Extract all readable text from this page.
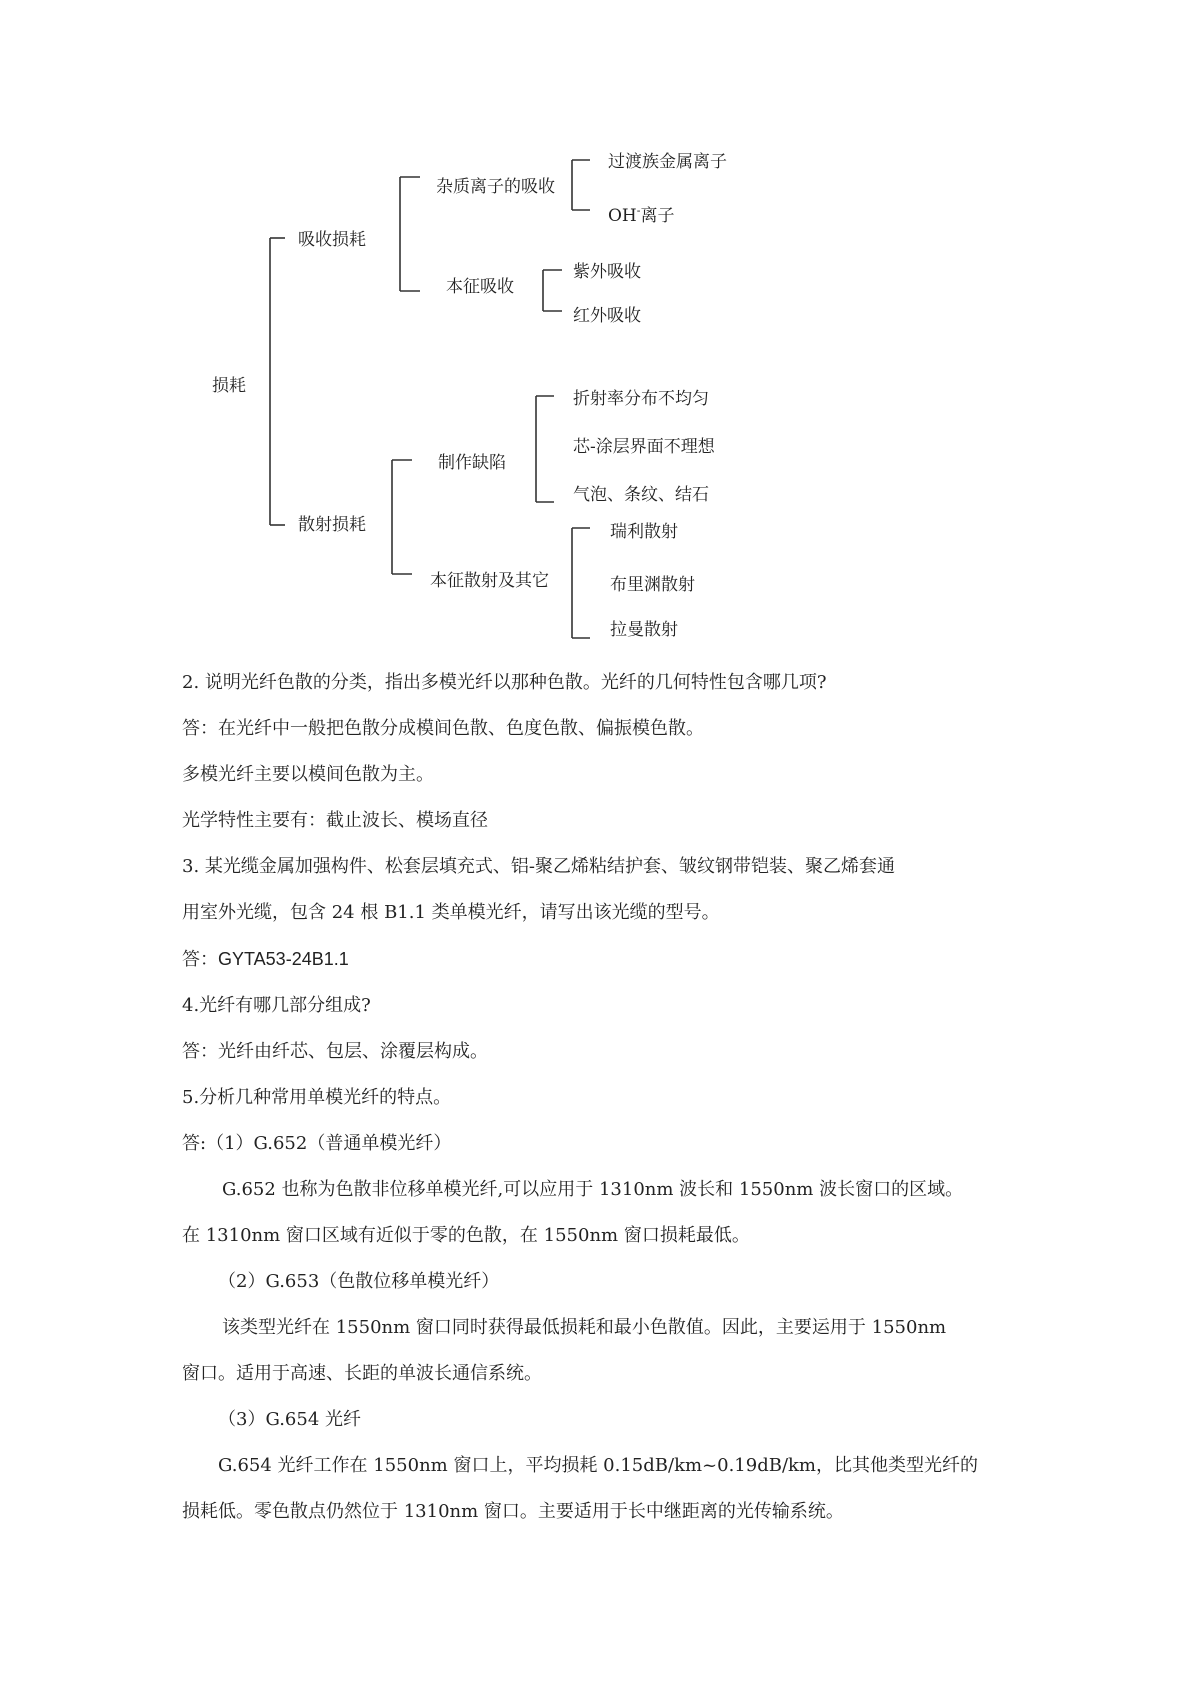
损耗
吸收损耗
杂质离子的吸收
过渡族金属离子
OH-离子
本征吸收
紫外吸收
红外吸收
散射损耗
制作缺陷
折射率分布不均匀
芯-涂层界面不理想
气泡、条纹、结石
本征散射及其它
瑞利散射
布里渊散射
拉曼散射

2. 说明光纤色散的分类，指出多模光纤以那种色散。光纤的几何特性包含哪几项?

答：在光纤中一般把色散分成模间色散、色度色散、偏振模色散。

多模光纤主要以模间色散为主。

光学特性主要有：截止波长、模场直径

3. 某光缆金属加强构件、松套层填充式、铝-聚乙烯粘结护套、皱纹钢带铠装、聚乙烯套通

用室外光缆，包含 24 根 B1.1 类单模光纤，请写出该光缆的型号。

答：GYTA53-24B1.1

4.光纤有哪几部分组成?

答：光纤由纤芯、包层、涂覆层构成。

5.分析几种常用单模光纤的特点。

答:（1）G.652（普通单模光纤）

G.652 也称为色散非位移单模光纤,可以应用于 1310nm 波长和 1550nm 波长窗口的区域。

在 1310nm 窗口区域有近似于零的色散，在 1550nm 窗口损耗最低。

（2）G.653（色散位移单模光纤）

该类型光纤在 1550nm 窗口同时获得最低损耗和最小色散值。因此，主要运用于 1550nm

窗口。适用于高速、长距的单波长通信系统。

（3）G.654 光纤

G.654 光纤工作在 1550nm 窗口上，平均损耗 0.15dB/km~0.19dB/km，比其他类型光纤的

损耗低。零色散点仍然位于 1310nm 窗口。主要适用于长中继距离的光传输系统。
